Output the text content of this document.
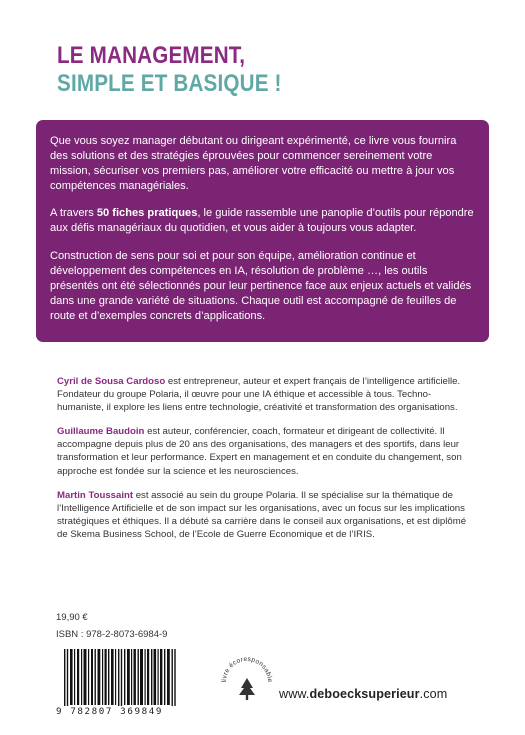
LE MANAGEMENT,
SIMPLE ET BASIQUE !

Que vous soyez manager débutant ou dirigeant expérimenté, ce livre vous fournira des solutions et des stratégies éprouvées pour commencer sereinement votre mission, sécuriser vos premiers pas, améliorer votre efficacité ou mettre à jour vos compétences managériales.

A travers 50 fiches pratiques, le guide rassemble une panoplie d’outils pour répondre aux défis managériaux du quotidien, et vous aider à toujours vous adapter.

Construction de sens pour soi et pour son équipe, amélioration continue et développement des compétences en IA, résolution de problème …, les outils présentés ont été sélectionnés pour leur pertinence face aux enjeux actuels et validés dans une grande variété de situations. Chaque outil est accompagné de feuilles de route et d’exemples concrets d’applications.

Cyril de Sousa Cardoso est entrepreneur, auteur et expert français de l’intelligence artificielle. Fondateur du groupe Polaria, il œuvre pour une IA éthique et accessible à tous. Techno-humaniste, il explore les liens entre technologie, créativité et transformation des organisations.

Guillaume Baudoin est auteur, conférencier, coach, formateur et dirigeant de collectivité. Il accompagne depuis plus de 20 ans des organisations, des managers et des sportifs, dans leur transformation et leur performance. Expert en management et en conduite du changement, son approche est fondée sur la science et les neurosciences.

Martin Toussaint est associé au sein du groupe Polaria. Il se spécialise sur la thématique de l’Intelligence Artificielle et de son impact sur les organisations, avec un focus sur les implications stratégiques et éthiques. Il a débuté sa carrière dans le conseil aux organisations, et est diplômé de Skema Business School, de l’Ecole de Guerre Economique et de l’IRIS.

19,90 €
ISBN : 978-2-8073-6984-9
9 782807 369849
livre écoresponsable
www.deboecksuperieur.com
